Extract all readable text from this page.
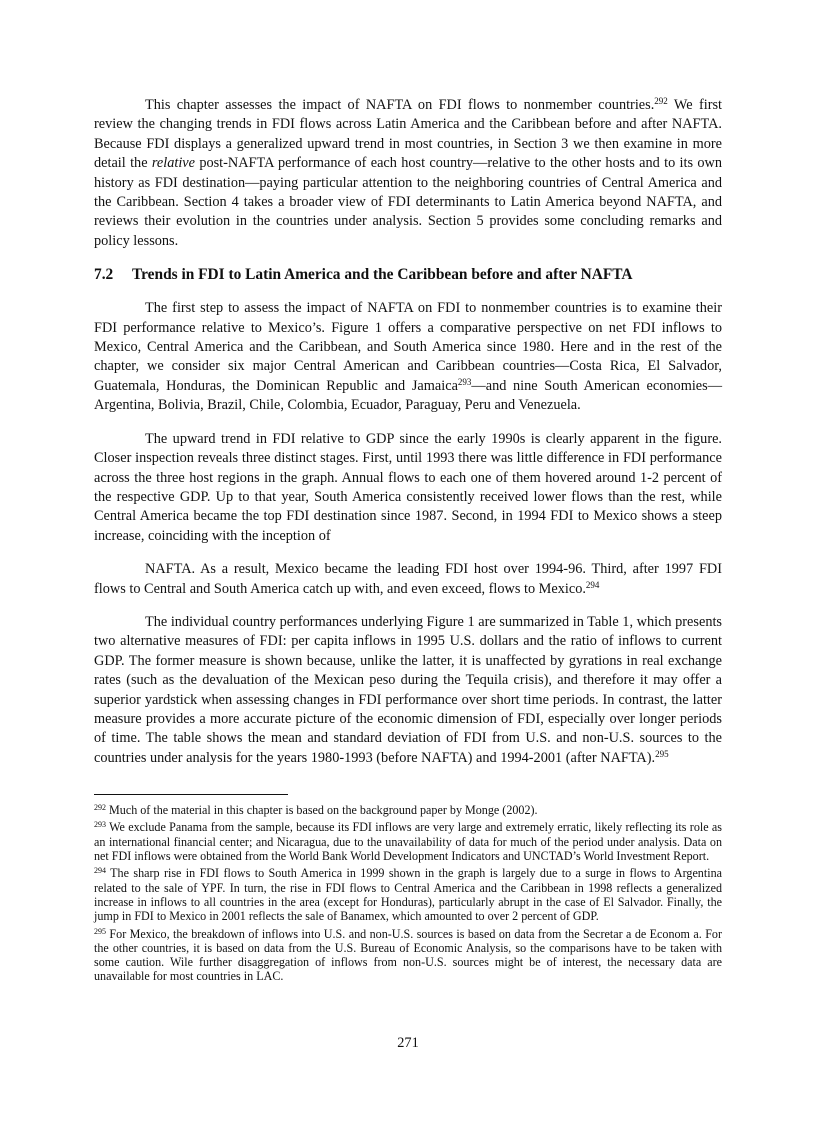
This chapter assesses the impact of NAFTA on FDI flows to nonmember countries.$^{292}$ We first review the changing trends in FDI flows across Latin America and the Caribbean before and after NAFTA. Because FDI displays a generalized upward trend in most countries, in Section 3 we then examine in more detail the relative post-NAFTA performance of each host country—relative to the other hosts and to its own history as FDI destination—paying particular attention to the neighboring countries of Central America and the Caribbean. Section 4 takes a broader view of FDI determinants to Latin America beyond NAFTA, and reviews their evolution in the countries under analysis. Section 5 provides some concluding remarks and policy lessons.

7.2 Trends in FDI to Latin America and the Caribbean before and after NAFTA

The first step to assess the impact of NAFTA on FDI to nonmember countries is to examine their FDI performance relative to Mexico’s. Figure 1 offers a comparative perspective on net FDI inflows to Mexico, Central America and the Caribbean, and South America since 1980. Here and in the rest of the chapter, we consider six major Central American and Caribbean countries—Costa Rica, El Salvador, Guatemala, Honduras, the Dominican Republic and Jamaica$^{293}$—and nine South American economies—Argentina, Bolivia, Brazil, Chile, Colombia, Ecuador, Paraguay, Peru and Venezuela.

The upward trend in FDI relative to GDP since the early 1990s is clearly apparent in the figure. Closer inspection reveals three distinct stages. First, until 1993 there was little difference in FDI performance across the three host regions in the graph. Annual flows to each one of them hovered around 1-2 percent of the respective GDP. Up to that year, South America consistently received lower flows than the rest, while Central America became the top FDI destination since 1987. Second, in 1994 FDI to Mexico shows a steep increase, coinciding with the inception of

NAFTA. As a result, Mexico became the leading FDI host over 1994-96. Third, after 1997 FDI flows to Central and South America catch up with, and even exceed, flows to Mexico.$^{294}$

The individual country performances underlying Figure 1 are summarized in Table 1, which presents two alternative measures of FDI: per capita inflows in 1995 U.S. dollars and the ratio of inflows to current GDP. The former measure is shown because, unlike the latter, it is unaffected by gyrations in real exchange rates (such as the devaluation of the Mexican peso during the Tequila crisis), and therefore it may offer a superior yardstick when assessing changes in FDI performance over short time periods. In contrast, the latter measure provides a more accurate picture of the economic dimension of FDI, especially over longer periods of time. The table shows the mean and standard deviation of FDI from U.S. and non-U.S. sources to the countries under analysis for the years 1980-1993 (before NAFTA) and 1994-2001 (after NAFTA).$^{295}$

$^{292}$ Much of the material in this chapter is based on the background paper by Monge (2002).

$^{293}$ We exclude Panama from the sample, because its FDI inflows are very large and extremely erratic, likely reflecting its role as an international financial center; and Nicaragua, due to the unavailability of data for much of the period under analysis. Data on net FDI inflows were obtained from the World Bank World Development Indicators and UNCTAD’s World Investment Report.

$^{294}$ The sharp rise in FDI flows to South America in 1999 shown in the graph is largely due to a surge in flows to Argentina related to the sale of YPF. In turn, the rise in FDI flows to Central America and the Caribbean in 1998 reflects a generalized increase in inflows to all countries in the area (except for Honduras), particularly abrupt in the case of El Salvador. Finally, the jump in FDI to Mexico in 2001 reflects the sale of Banamex, which amounted to over 2 percent of GDP.

$^{295}$ For Mexico, the breakdown of inflows into U.S. and non-U.S. sources is based on data from the Secretar a de Econom a. For the other countries, it is based on data from the U.S. Bureau of Economic Analysis, so the comparisons have to be taken with some caution. Wile further disaggregation of inflows from non-U.S. sources might be of interest, the necessary data are unavailable for most countries in LAC.

271
